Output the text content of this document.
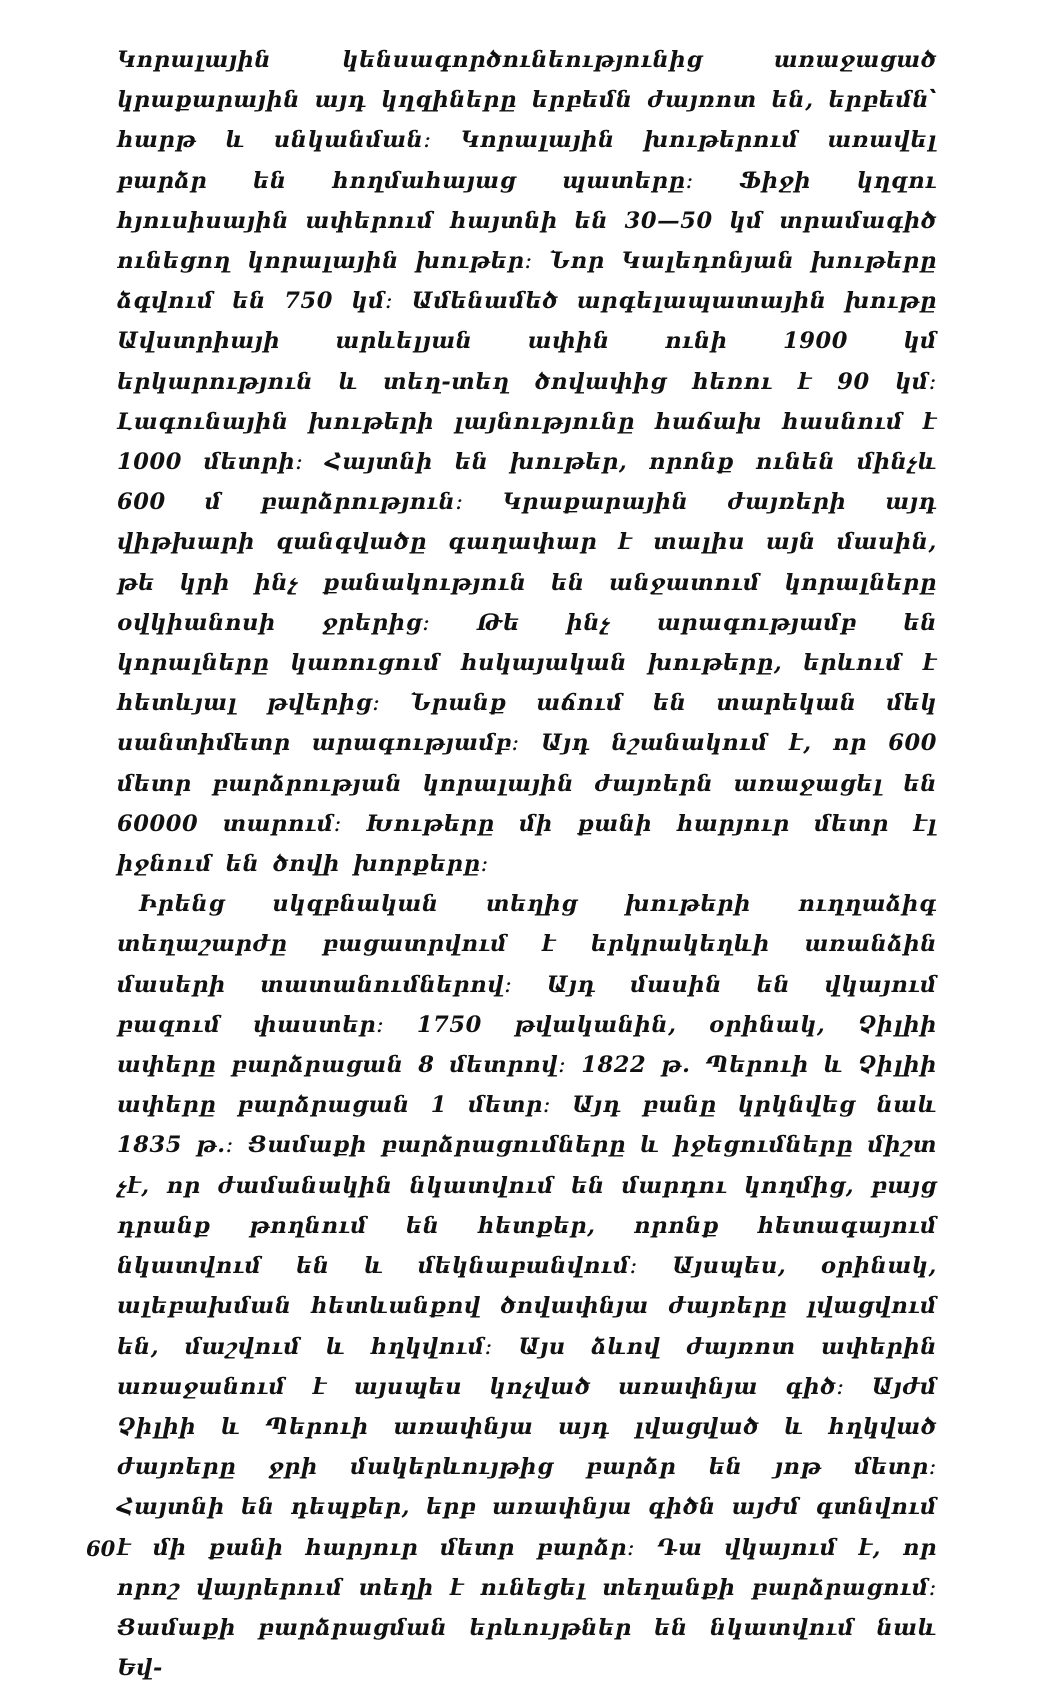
Կորալային կենսագործունեությունից առաջացած կրաքարային այդ կղզիները երբեմն ժայռոտ են, երբեմն՝ հարթ և սնկանման։ Կորալային խութերում առավել բարձր են հողմահայաց պատերը։ Ֆիջի կղզու հյուսիսային ափերում հայտնի են 30—50 կմ տրամագիծ ունեցող կորալային խութեր։ Նոր Կալեդոնյան խութերը ձգվում են 750 կմ։ Ամենամեծ արգելապատային խութը Ավստրիայի արևելյան ափին ունի 1900 կմ երկարություն և տեղ-տեղ ծովափից հեռու է 90 կմ։ Լագունային խութերի լայնությունը հաճախ հասնում է 1000 մետրի։ Հայտնի են խութեր, որոնք ունեն մինչև 600 մ բարձրություն։ Կրաքարային ժայռերի այդ վիթխարի զանգվածը գաղափար է տալիս այն մասին, թե կրի ինչ քանակություն են անջատում կորալները օվկիանոսի ջրերից։ Թե ինչ արագությամբ են կորալները կառուցում հսկայական խութերը, երևում է հետևյալ թվերից։ Նրանք աճում են տարեկան մեկ սանտիմետր արագությամբ։ Այդ նշանակում է, որ 600 մետր բարձրության կորալային ժայռերն առաջացել են 60000 տարում։ Խութերը մի քանի հարյուր մետր էլ իջնում են ծովի խորքերը։

Իրենց սկզբնական տեղից խութերի ուղղաձիգ տեղաշարժը բացատրվում է երկրակեղևի առանձին մասերի տատանումներով։ Այդ մասին են վկայում բազում փաստեր։ 1750 թվականին, օրինակ, Չիլիի ափերը բարձրացան 8 մետրով։ 1822 թ. Պերուի և Չիլիի ափերը բարձրացան 1 մետր։ Այդ բանը կրկնվեց նաև 1835 թ.։ Ցամաքի բարձրացումները և իջեցումները միշտ չէ, որ ժամանակին նկատվում են մարդու կողմից, բայց դրանք թողնում են հետքեր, որոնք հետագայում նկատվում են և մեկնաբանվում։ Այսպես, օրինակ, ալեբախման հետևանքով ծովափնյա ժայռերը լվացվում են, մաշվում և հղկվում։ Այս ձևով ժայռոտ ափերին առաջանում է այսպես կոչված առափնյա գիծ։ Այժմ Չիլիի և Պերուի առափնյա այդ լվացված և հղկված ժայռերը ջրի մակերևույթից բարձր են յոթ մետր։ Հայտնի են դեպքեր, երբ առափնյա գիծն այժմ գտնվում է մի քանի հարյուր մետր բարձր։ Դա վկայում է, որ որոշ վայրերում տեղի է ունեցել տեղանքի բարձրացում։ Ցամաքի բարձրացման երևույթներ են նկատվում նաև Եվ-

60
